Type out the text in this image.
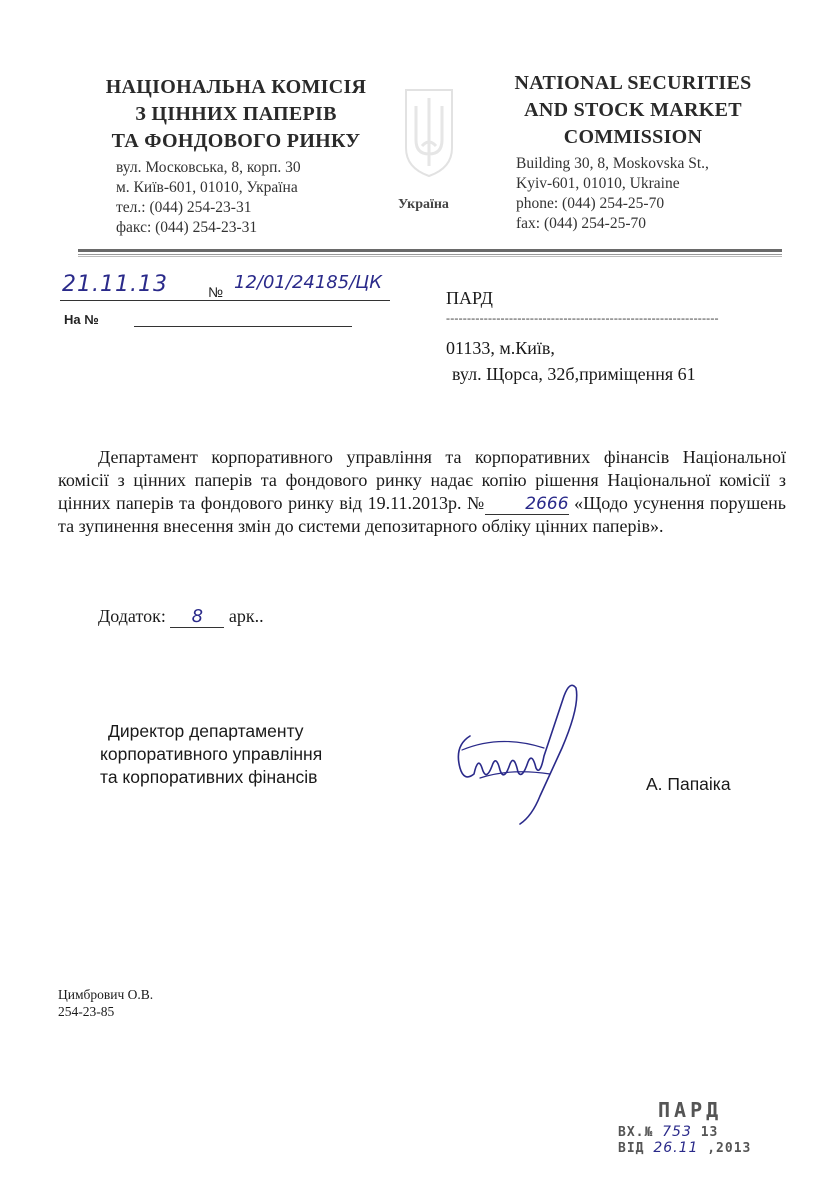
НАЦІОНАЛЬНА КОМІСІЯ
З ЦІННИХ ПАПЕРІВ
ТА ФОНДОВОГО РИНКУ
вул. Московська, 8, корп. 30
м. Київ-601, 01010, Україна
тел.: (044) 254-23-31
факс: (044) 254-23-31
Україна
NATIONAL SECURITIES
AND STOCK MARKET
COMMISSION
Building 30, 8, Moskovska St.,
Kyiv-601, 01010, Ukraine
phone: (044) 254-25-70
fax: (044) 254-25-70
21.11.13	№ 12/01/24185/ЦК
На №
ПАРД
-----------------------------------------------------------------
01133, м.Київ,
вул. Щорса, 32б,приміщення 61
Департамент корпоративного управління та корпоративних фінансів Національної комісії з цінних паперів та фондового ринку надає копію рішення Національної комісії з цінних паперів та фондового ринку від 19.11.2013р. № 2666 «Щодо усунення порушень та зупинення внесення змін до системи депозитарного обліку цінних паперів».
Додаток: 8 арк..
Директор департаменту
корпоративного управління
та корпоративних фінансів	А. Папаіка
Цимбрович О.В.
254-23-85
ПАРД
ВХ.№ 753 13
ВІД 26.11 ,2013
